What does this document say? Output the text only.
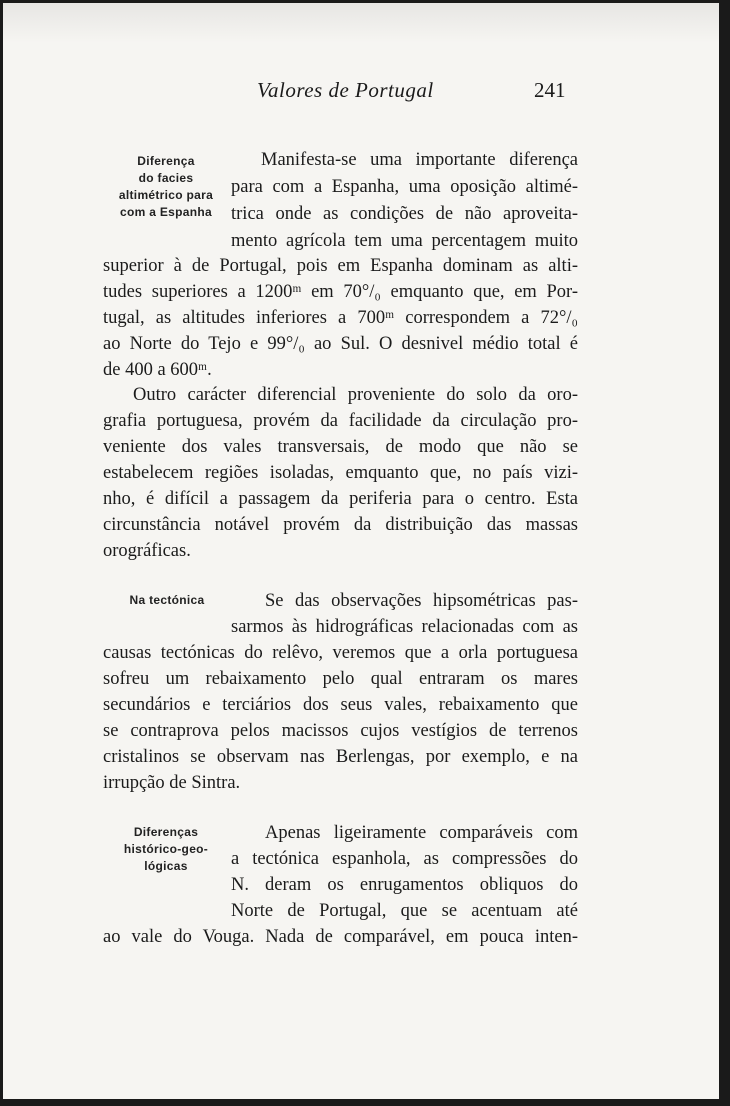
Valores de Portugal	241
Diferença
do facies
altimétrico para
com a Espanha
Manifesta-se uma importante diferença
para com a Espanha, uma oposição altimé-
trica onde as condições de não aproveita-
mento agrícola tem uma percentagem muito
superior à de Portugal, pois em Espanha dominam as alti-
tudes superiores a 1200ᵐ em 70°/₀ emquanto que, em Por-
tugal, as altitudes inferiores a 700ᵐ correspondem a 72°/₀
ao Norte do Tejo e 99°/₀ ao Sul. O desnivel médio total é
de 400 a 600ᵐ.
Outro carácter diferencial proveniente do solo da oro-
grafia portuguesa, provém da facilidade da circulação pro-
veniente dos vales transversais, de modo que não se
estabelecem regiões isoladas, emquanto que, no país vizi-
nho, é difícil a passagem da periferia para o centro. Esta
circunstância notável provém da distribuição das massas
orográficas.
Na tectónica	Se das observações hipsométricas pas-
sarmos às hidrográficas relacionadas com as
causas tectónicas do relêvo, veremos que a orla portuguesa
sofreu um rebaixamento pelo qual entraram os mares
secundários e terciários dos seus vales, rebaixamento que
se contraprova pelos macissos cujos vestígios de terrenos
cristalinos se observam nas Berlengas, por exemplo, e na
irrupção de Sintra.
Diferenças
histórico-geo-
lógicas
Apenas ligeiramente comparáveis com
a tectónica espanhola, as compressões do
N. deram os enrugamentos obliquos do
Norte de Portugal, que se acentuam até
ao vale do Vouga. Nada de comparável, em pouca inten-
